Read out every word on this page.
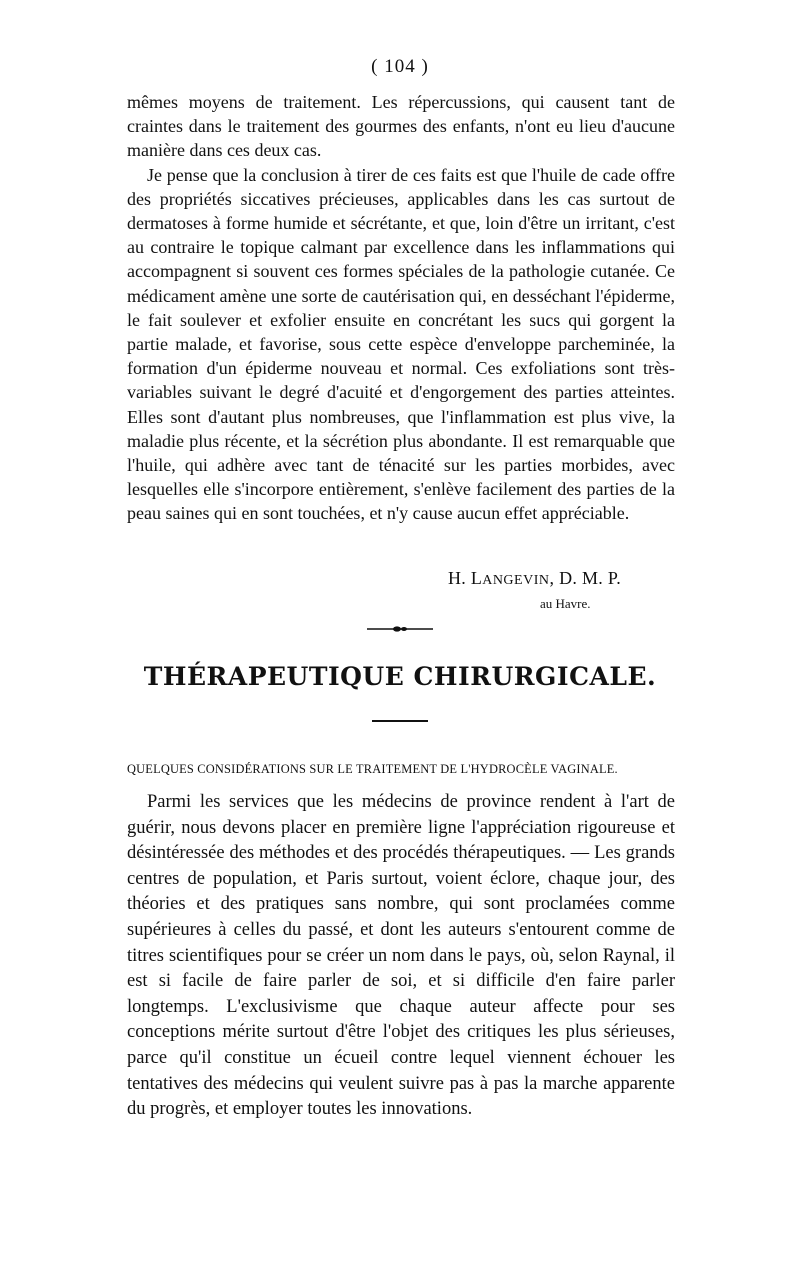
( 104 )

mêmes moyens de traitement. Les répercussions, qui causent tant de craintes dans le traitement des gourmes des enfants, n'ont eu lieu d'aucune manière dans ces deux cas.

Je pense que la conclusion à tirer de ces faits est que l'huile de cade offre des propriétés siccatives précieuses, applicables dans les cas surtout de dermatoses à forme humide et sécrétante, et que, loin d'être un irritant, c'est au contraire le topique calmant par excellence dans les inflammations qui accompagnent si souvent ces formes spéciales de la pathologie cutanée. Ce médicament amène une sorte de cautérisation qui, en desséchant l'épiderme, le fait soulever et exfolier ensuite en concrétant les sucs qui gorgent la partie malade, et favorise, sous cette espèce d'enveloppe parcheminée, la formation d'un épiderme nouveau et normal. Ces exfoliations sont très-variables suivant le degré d'acuité et d'engorgement des parties atteintes. Elles sont d'autant plus nombreuses, que l'inflammation est plus vive, la maladie plus récente, et la sécrétion plus abondante. Il est remarquable que l'huile, qui adhère avec tant de ténacité sur les parties morbides, avec lesquelles elle s'incorpore entièrement, s'enlève facilement des parties de la peau saines qui en sont touchées, et n'y cause aucun effet appréciable.

H. LANGEVIN, D. M. P.
au Havre.
THÉRAPEUTIQUE CHIRURGICALE.
QUELQUES CONSIDÉRATIONS SUR LE TRAITEMENT DE L'HYDROCÈLE VAGINALE.

Parmi les services que les médecins de province rendent à l'art de guérir, nous devons placer en première ligne l'appréciation rigoureuse et désintéressée des méthodes et des procédés thérapeutiques. — Les grands centres de population, et Paris surtout, voient éclore, chaque jour, des théories et des pratiques sans nombre, qui sont proclamées comme supérieures à celles du passé, et dont les auteurs s'entourent comme de titres scientifiques pour se créer un nom dans le pays, où, selon Raynal, il est si facile de faire parler de soi, et si difficile d'en faire parler longtemps. L'exclusivisme que chaque auteur affecte pour ses conceptions mérite surtout d'être l'objet des critiques les plus sérieuses, parce qu'il constitue un écueil contre lequel viennent échouer les tentatives des médecins qui veulent suivre pas à pas la marche apparente du progrès, et employer toutes les innovations.
